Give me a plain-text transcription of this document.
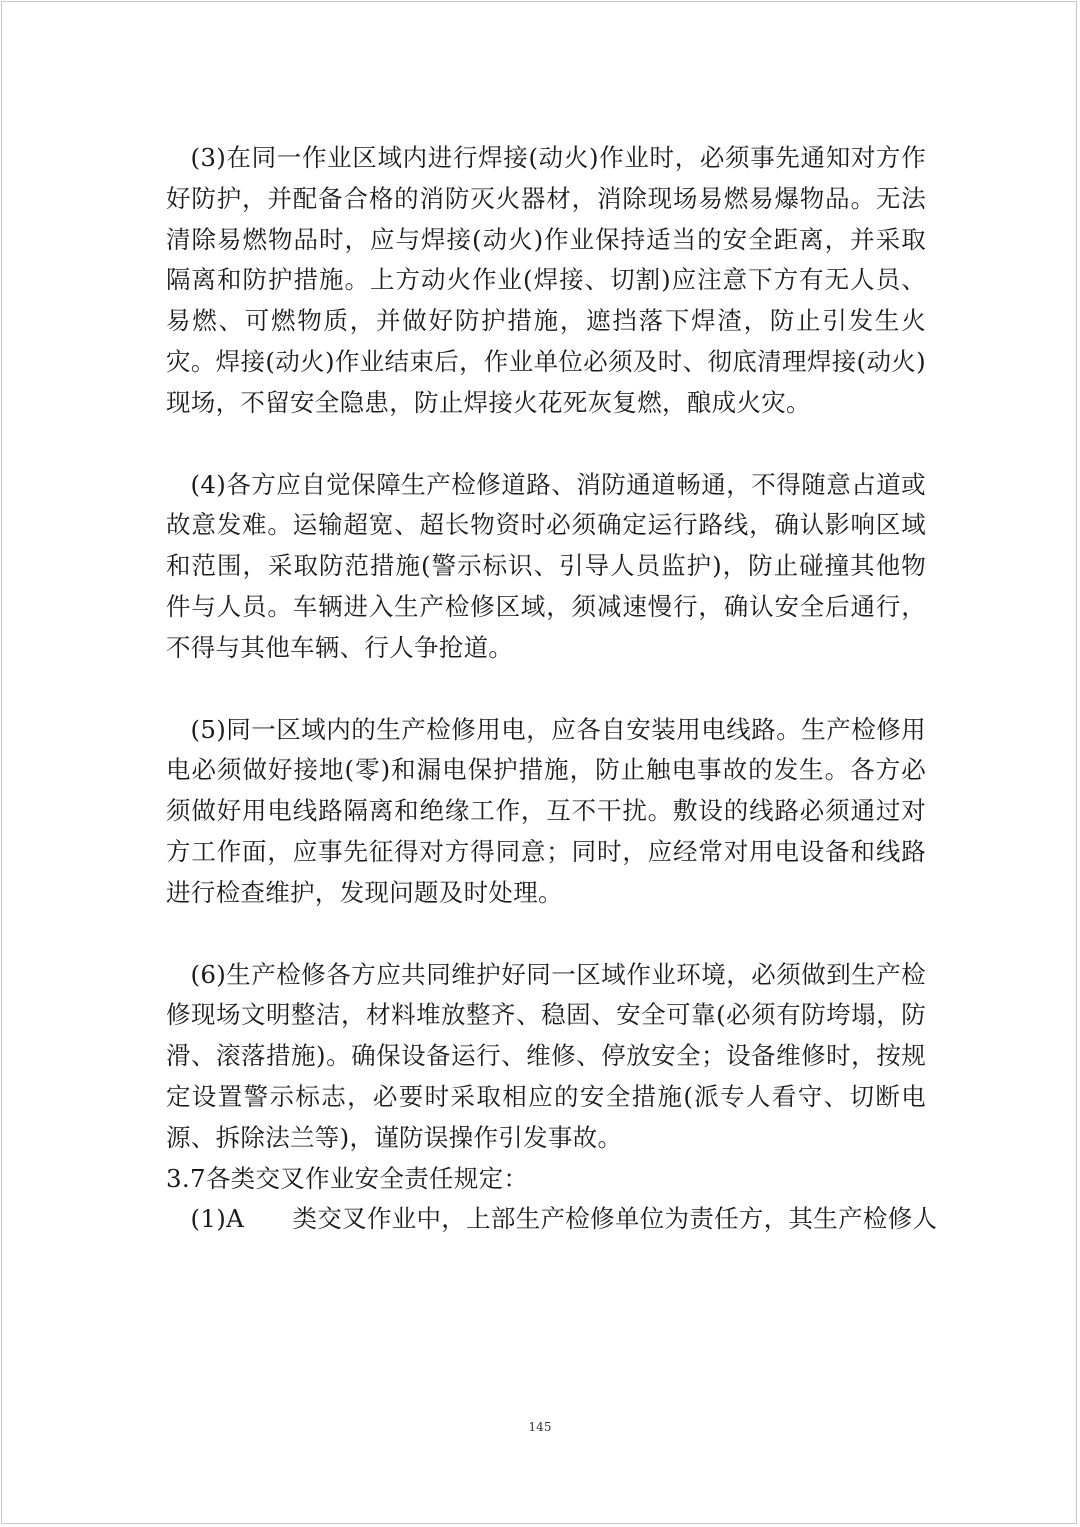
(3)在同一作业区域内进行焊接(动火)作业时，必须事先通知对方作好防护，并配备合格的消防灭火器材，消除现场易燃易爆物品。无法清除易燃物品时，应与焊接(动火)作业保持适当的安全距离，并采取隔离和防护措施。上方动火作业(焊接、切割)应注意下方有无人员、易燃、可燃物质，并做好防护措施，遮挡落下焊渣，防止引发生火灾。焊接(动火)作业结束后，作业单位必须及时、彻底清理焊接(动火)现场，不留安全隐患，防止焊接火花死灰复燃，酿成火灾。

(4)各方应自觉保障生产检修道路、消防通道畅通，不得随意占道或故意发难。运输超宽、超长物资时必须确定运行路线，确认影响区域和范围，采取防范措施(警示标识、引导人员监护)，防止碰撞其他物件与人员。车辆进入生产检修区域，须减速慢行，确认安全后通行，不得与其他车辆、行人争抢道。

(5)同一区域内的生产检修用电，应各自安装用电线路。生产检修用电必须做好接地(零)和漏电保护措施，防止触电事故的发生。各方必须做好用电线路隔离和绝缘工作，互不干扰。敷设的线路必须通过对方工作面，应事先征得对方得同意；同时，应经常对用电设备和线路进行检查维护，发现问题及时处理。

(6)生产检修各方应共同维护好同一区域作业环境，必须做到生产检修现场文明整洁，材料堆放整齐、稳固、安全可靠(必须有防垮塌，防滑、滚落措施)。确保设备运行、维修、停放安全；设备维修时，按规定设置警示标志，必要时采取相应的安全措施(派专人看守、切断电源、拆除法兰等)，谨防误操作引发事故。

3.7各类交叉作业安全责任规定：

(1)A 类交叉作业中，上部生产检修单位为责任方，其生产检修人

145
